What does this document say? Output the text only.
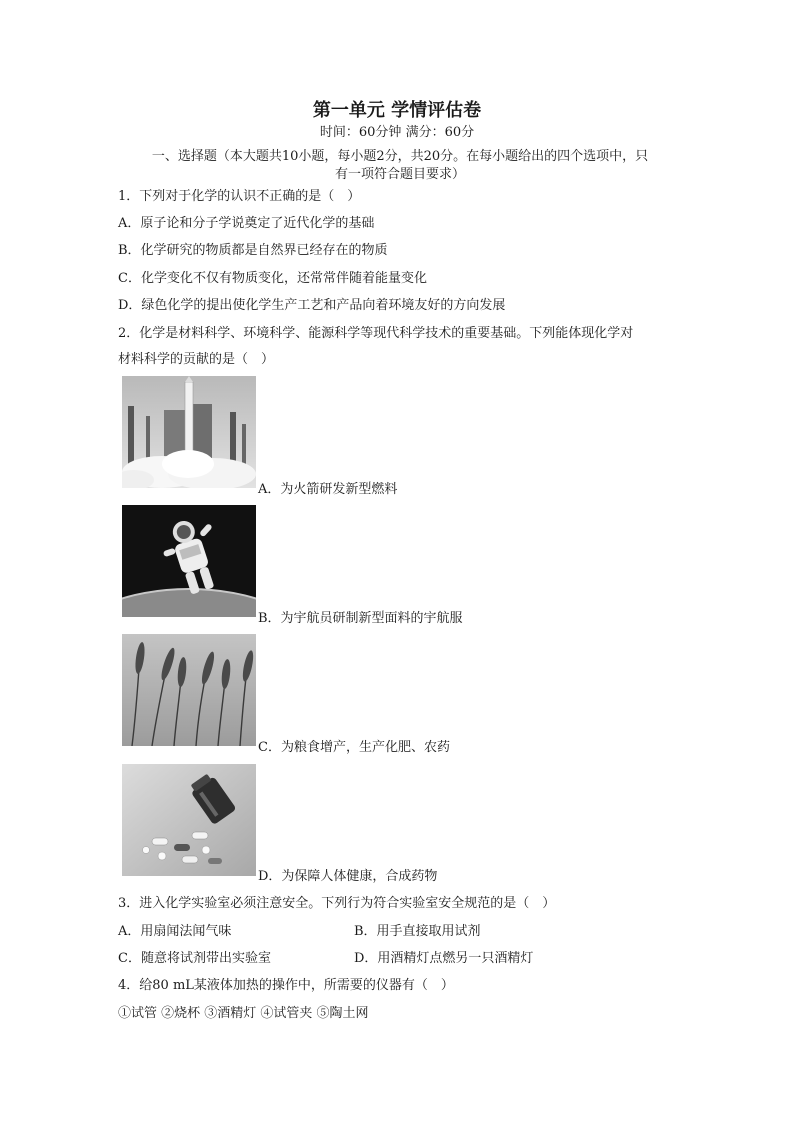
第一单元 学情评估卷
时间：60分钟 满分：60分
一、选择题（本大题共10小题，每小题2分，共20分。在每小题给出的四个选项中，只
有一项符合题目要求）
1．下列对于化学的认识不正确的是（　）
A．原子论和分子学说奠定了近代化学的基础
B．化学研究的物质都是自然界已经存在的物质
C．化学变化不仅有物质变化，还常常伴随着能量变化
D．绿色化学的提出使化学生产工艺和产品向着环境友好的方向发展
2．化学是材料科学、环境科学、能源科学等现代科学技术的重要基础。下列能体现化学对
材料科学的贡献的是（　）
A．为火箭研发新型燃料
B．为宇航员研制新型面料的宇航服
C．为粮食增产，生产化肥、农药
D．为保障人体健康，合成药物
3．进入化学实验室必须注意安全。下列行为符合实验室安全规范的是（　）
A．用扇闻法闻气味	B．用手直接取用试剂
C．随意将试剂带出实验室	D．用酒精灯点燃另一只酒精灯
4．给80 mL某液体加热的操作中，所需要的仪器有（　）
①试管 ②烧杯 ③酒精灯 ④试管夹 ⑤陶土网
